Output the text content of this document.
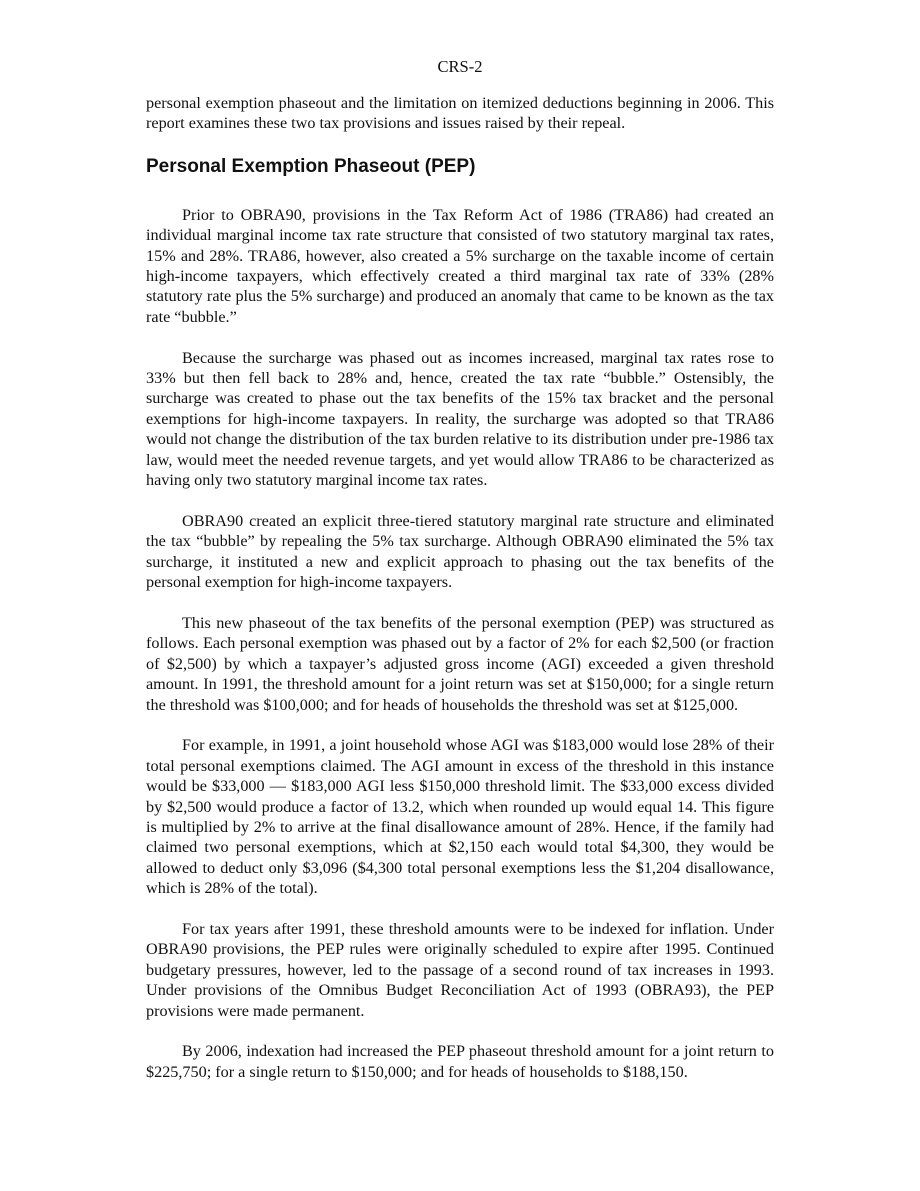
CRS-2

personal exemption phaseout and the limitation on itemized deductions beginning in 2006. This report examines these two tax provisions and issues raised by their repeal.

Personal Exemption Phaseout (PEP)

Prior to OBRA90, provisions in the Tax Reform Act of 1986 (TRA86) had created an individual marginal income tax rate structure that consisted of two statutory marginal tax rates, 15% and 28%. TRA86, however, also created a 5% surcharge on the taxable income of certain high-income taxpayers, which effectively created a third marginal tax rate of 33% (28% statutory rate plus the 5% surcharge) and produced an anomaly that came to be known as the tax rate “bubble.”

Because the surcharge was phased out as incomes increased, marginal tax rates rose to 33% but then fell back to 28% and, hence, created the tax rate “bubble.” Ostensibly, the surcharge was created to phase out the tax benefits of the 15% tax bracket and the personal exemptions for high-income taxpayers. In reality, the surcharge was adopted so that TRA86 would not change the distribution of the tax burden relative to its distribution under pre-1986 tax law, would meet the needed revenue targets, and yet would allow TRA86 to be characterized as having only two statutory marginal income tax rates.

OBRA90 created an explicit three-tiered statutory marginal rate structure and eliminated the tax “bubble” by repealing the 5% tax surcharge. Although OBRA90 eliminated the 5% tax surcharge, it instituted a new and explicit approach to phasing out the tax benefits of the personal exemption for high-income taxpayers.

This new phaseout of the tax benefits of the personal exemption (PEP) was structured as follows. Each personal exemption was phased out by a factor of 2% for each $2,500 (or fraction of $2,500) by which a taxpayer’s adjusted gross income (AGI) exceeded a given threshold amount. In 1991, the threshold amount for a joint return was set at $150,000; for a single return the threshold was $100,000; and for heads of households the threshold was set at $125,000.

For example, in 1991, a joint household whose AGI was $183,000 would lose 28% of their total personal exemptions claimed. The AGI amount in excess of the threshold in this instance would be $33,000 — $183,000 AGI less $150,000 threshold limit. The $33,000 excess divided by $2,500 would produce a factor of 13.2, which when rounded up would equal 14. This figure is multiplied by 2% to arrive at the final disallowance amount of 28%. Hence, if the family had claimed two personal exemptions, which at $2,150 each would total $4,300, they would be allowed to deduct only $3,096 ($4,300 total personal exemptions less the $1,204 disallowance, which is 28% of the total).

For tax years after 1991, these threshold amounts were to be indexed for inflation. Under OBRA90 provisions, the PEP rules were originally scheduled to expire after 1995. Continued budgetary pressures, however, led to the passage of a second round of tax increases in 1993. Under provisions of the Omnibus Budget Reconciliation Act of 1993 (OBRA93), the PEP provisions were made permanent.

By 2006, indexation had increased the PEP phaseout threshold amount for a joint return to $225,750; for a single return to $150,000; and for heads of households to $188,150.
